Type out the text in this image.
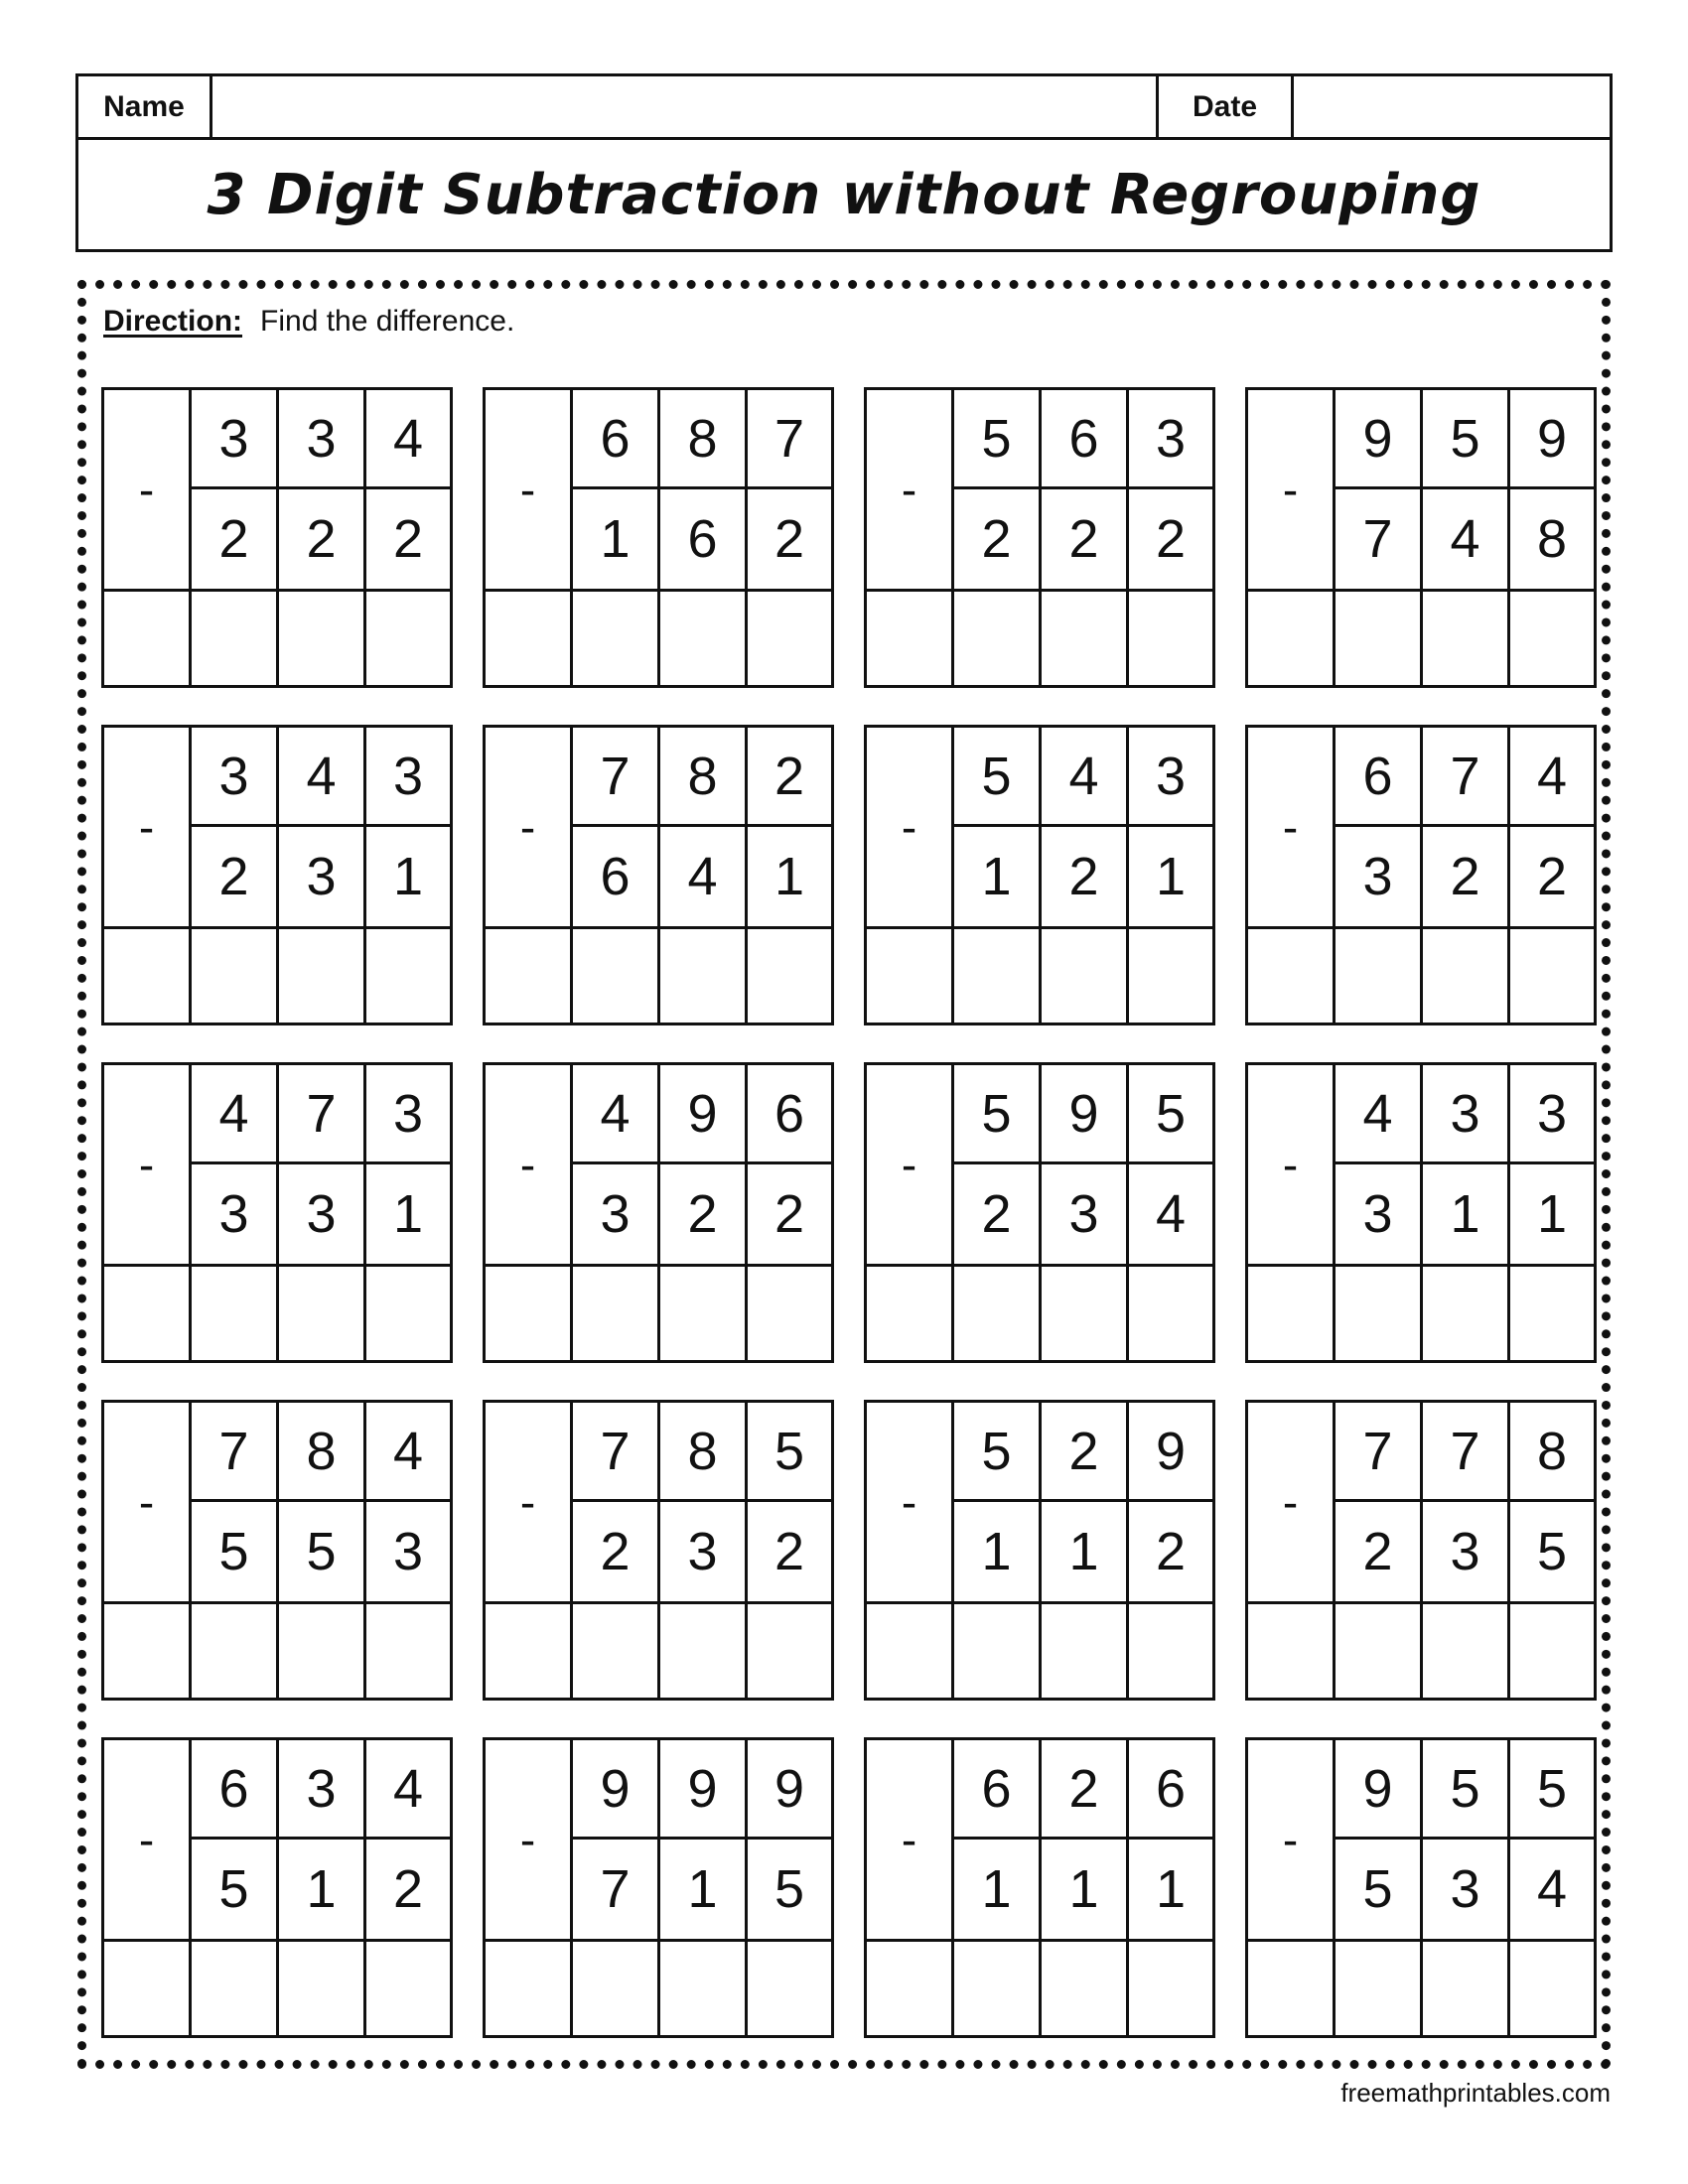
Name	Date
3 Digit Subtraction without Regrouping
Direction: Find the difference.
-
3	3	4
2	2	2
-
6	8	7
1	6	2
-
5	6	3
2	2	2
-
9	5	9
7	4	8
-
3	4	3
2	3	1
-
7	8	2
6	4	1
-
5	4	3
1	2	1
-
6	7	4
3	2	2
-
4	7	3
3	3	1
-
4	9	6
3	2	2
-
5	9	5
2	3	4
-
4	3	3
3	1	1
-
7	8	4
5	5	3
-
7	8	5
2	3	2
-
5	2	9
1	1	2
-
7	7	8
2	3	5
-
6	3	4
5	1	2
-
9	9	9
7	1	5
-
6	2	6
1	1	1
-
9	5	5
5	3	4
freemathprintables.com
